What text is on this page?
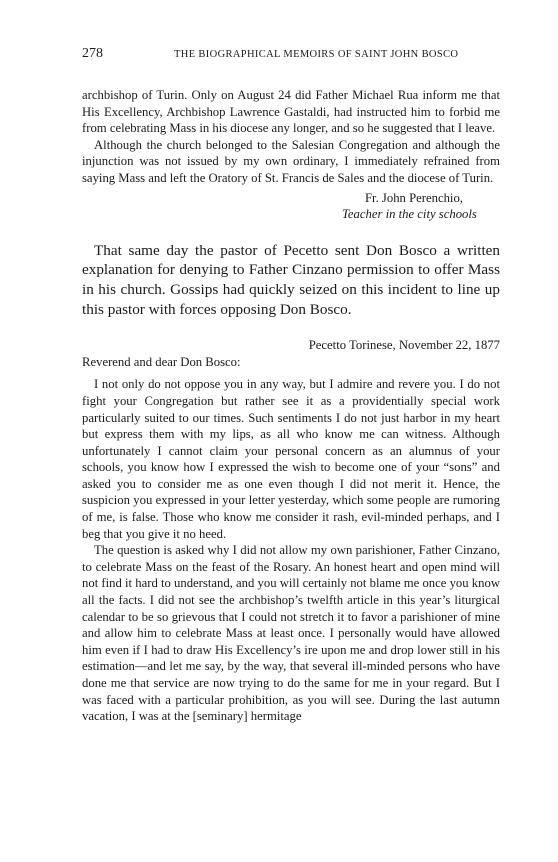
278	THE BIOGRAPHICAL MEMOIRS OF SAINT JOHN BOSCO

archbishop of Turin. Only on August 24 did Father Michael Rua inform me that His Excellency, Archbishop Lawrence Gastaldi, had instructed him to forbid me from celebrating Mass in his diocese any longer, and so he suggested that I leave.

Although the church belonged to the Salesian Congregation and although the injunction was not issued by my own ordinary, I immediately refrained from saying Mass and left the Oratory of St. Francis de Sales and the diocese of Turin.

Fr. John Perenchio,
Teacher in the city schools

That same day the pastor of Pecetto sent Don Bosco a written explanation for denying to Father Cinzano permission to offer Mass in his church. Gossips had quickly seized on this incident to line up this pastor with forces opposing Don Bosco.

Pecetto Torinese, November 22, 1877

Reverend and dear Don Bosco:

I not only do not oppose you in any way, but I admire and revere you. I do not fight your Congregation but rather see it as a providentially special work particularly suited to our times. Such sentiments I do not just harbor in my heart but express them with my lips, as all who know me can witness. Although unfortunately I cannot claim your personal concern as an alumnus of your schools, you know how I expressed the wish to become one of your “sons” and asked you to consider me as one even though I did not merit it. Hence, the suspicion you expressed in your letter yesterday, which some people are rumoring of me, is false. Those who know me consider it rash, evil-minded perhaps, and I beg that you give it no heed.

The question is asked why I did not allow my own parishioner, Father Cinzano, to celebrate Mass on the feast of the Rosary. An honest heart and open mind will not find it hard to understand, and you will certainly not blame me once you know all the facts. I did not see the archbishop’s twelfth article in this year’s liturgical calendar to be so grievous that I could not stretch it to favor a parishioner of mine and allow him to celebrate Mass at least once. I personally would have allowed him even if I had to draw His Excellency’s ire upon me and drop lower still in his estimation—and let me say, by the way, that several ill-minded persons who have done me that service are now trying to do the same for me in your regard. But I was faced with a particular prohibition, as you will see. During the last autumn vacation, I was at the [seminary] hermitage
